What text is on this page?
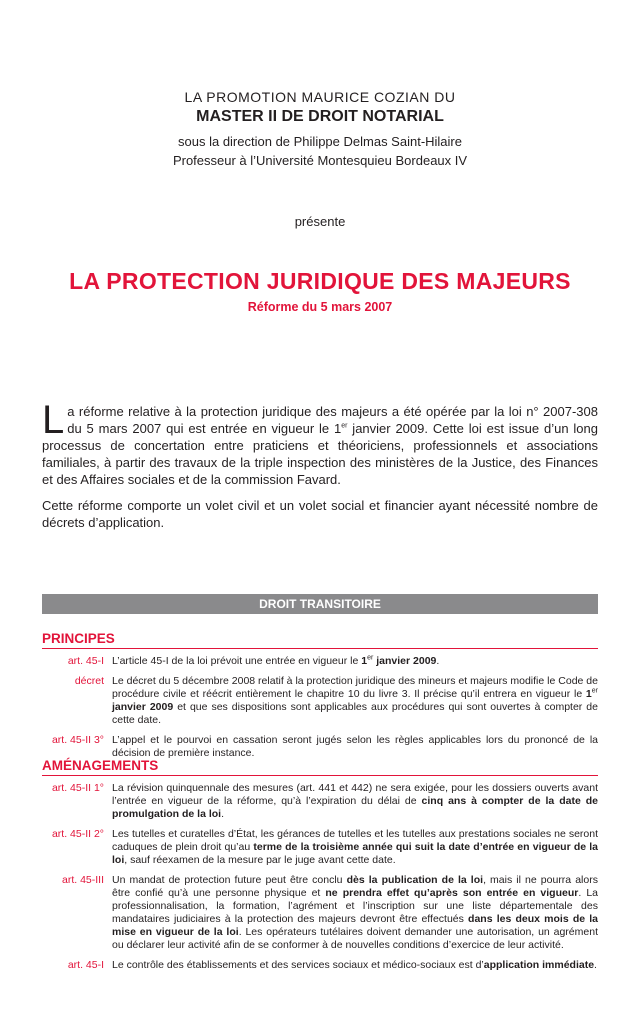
LA PROMOTION MAURICE COZIAN DU
MASTER II DE DROIT NOTARIAL
sous la direction de Philippe Delmas Saint-Hilaire
Professeur à l’Université Montesquieu Bordeaux IV
présente
LA PROTECTION JURIDIQUE DES MAJEURS
Réforme du 5 mars 2007

La réforme relative à la protection juridique des majeurs a été opérée par la loi n° 2007-308 du 5 mars 2007 qui est entrée en vigueur le 1er janvier 2009. Cette loi est issue d’un long processus de concertation entre praticiens et théoriciens, professionnels et associations familiales, à partir des travaux de la triple inspection des ministères de la Justice, des Finances et des Affaires sociales et de la commission Favard.

Cette réforme comporte un volet civil et un volet social et financier ayant nécessité nombre de décrets d’application.

DROIT TRANSITOIRE
PRINCIPES
art. 45-I L’article 45-I de la loi prévoit une entrée en vigueur le 1er janvier 2009.
décret Le décret du 5 décembre 2008 relatif à la protection juridique des mineurs et majeurs modifie le Code de procédure civile et réécrit entièrement le chapitre 10 du livre 3. Il précise qu’il entrera en vigueur le 1er janvier 2009 et que ses dispositions sont applicables aux procédures qui sont ouvertes à compter de cette date.
art. 45-II 3° L’appel et le pourvoi en cassation seront jugés selon les règles applicables lors du prononcé de la décision de première instance.
AMÉNAGEMENTS
art. 45-II 1° La révision quinquennale des mesures (art. 441 et 442) ne sera exigée, pour les dossiers ouverts avant l’entrée en vigueur de la réforme, qu’à l’expiration du délai de cinq ans à compter de la date de promulgation de la loi.
art. 45-II 2° Les tutelles et curatelles d’État, les gérances de tutelles et les tutelles aux prestations sociales ne seront caduques de plein droit qu’au terme de la troisième année qui suit la date d’entrée en vigueur de la loi, sauf réexamen de la mesure par le juge avant cette date.
art. 45-III Un mandat de protection future peut être conclu dès la publication de la loi, mais il ne pourra alors être confié qu’à une personne physique et ne prendra effet qu’après son entrée en vigueur. La professionnalisation, la formation, l’agrément et l’inscription sur une liste départementale des mandataires judiciaires à la protection des majeurs devront être effectués dans les deux mois de la mise en vigueur de la loi. Les opérateurs tutélaires doivent demander une autorisation, un agrément ou déclarer leur activité afin de se conformer à de nouvelles conditions d’exercice de leur activité.
art. 45-I Le contrôle des établissements et des services sociaux et médico-sociaux est d’application immédiate.
